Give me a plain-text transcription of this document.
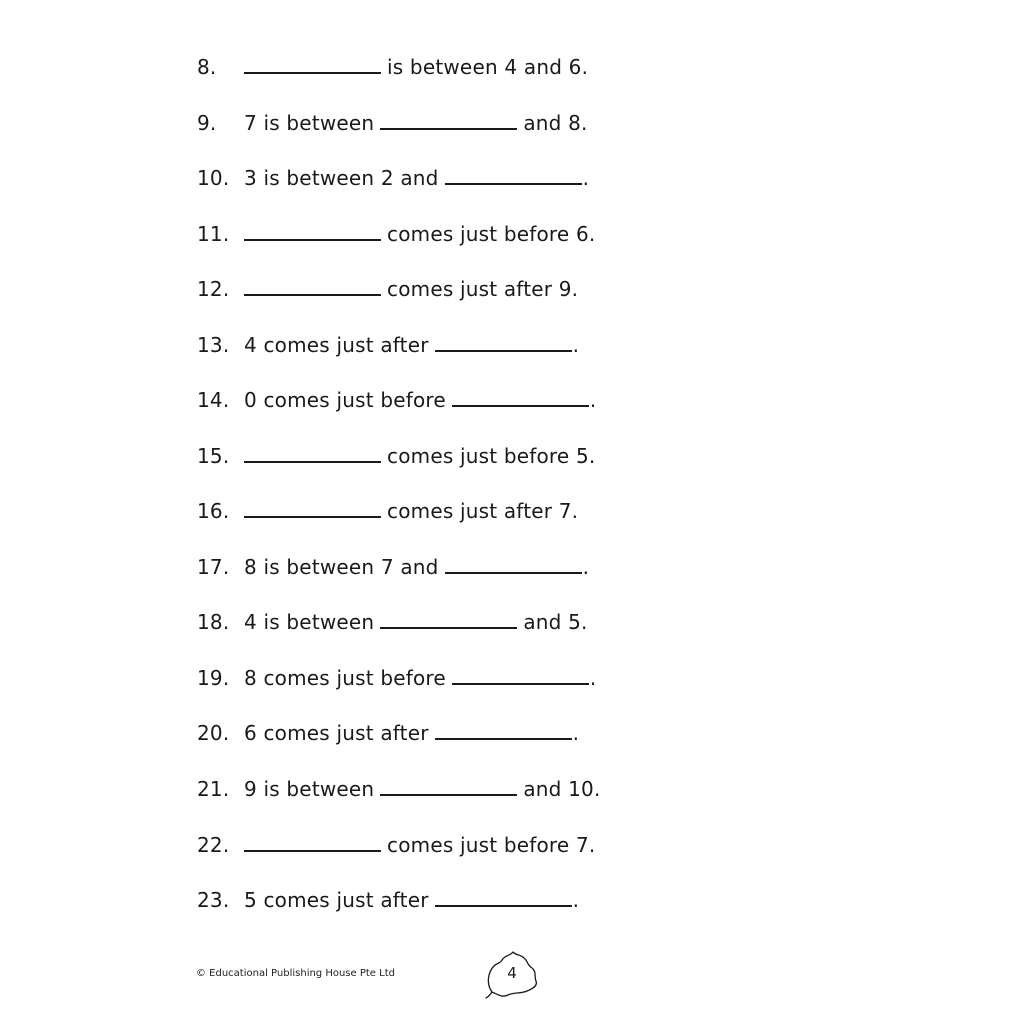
8.	is between 4 and 6.
9.	7 is between	and 8.
10. 3 is between 2 and	.
11.	comes just before 6.
12.	comes just after 9.
13. 4 comes just after	.
14. 0 comes just before	.
15.	comes just before 5.
16.	comes just after 7.
17. 8 is between 7 and	.
18. 4 is between	and 5.
19. 8 comes just before	.
20. 6 comes just after	.
21. 9 is between	and 10.
22.	comes just before 7.
23. 5 comes just after	.
© Educational Publishing House Pte Ltd	4
